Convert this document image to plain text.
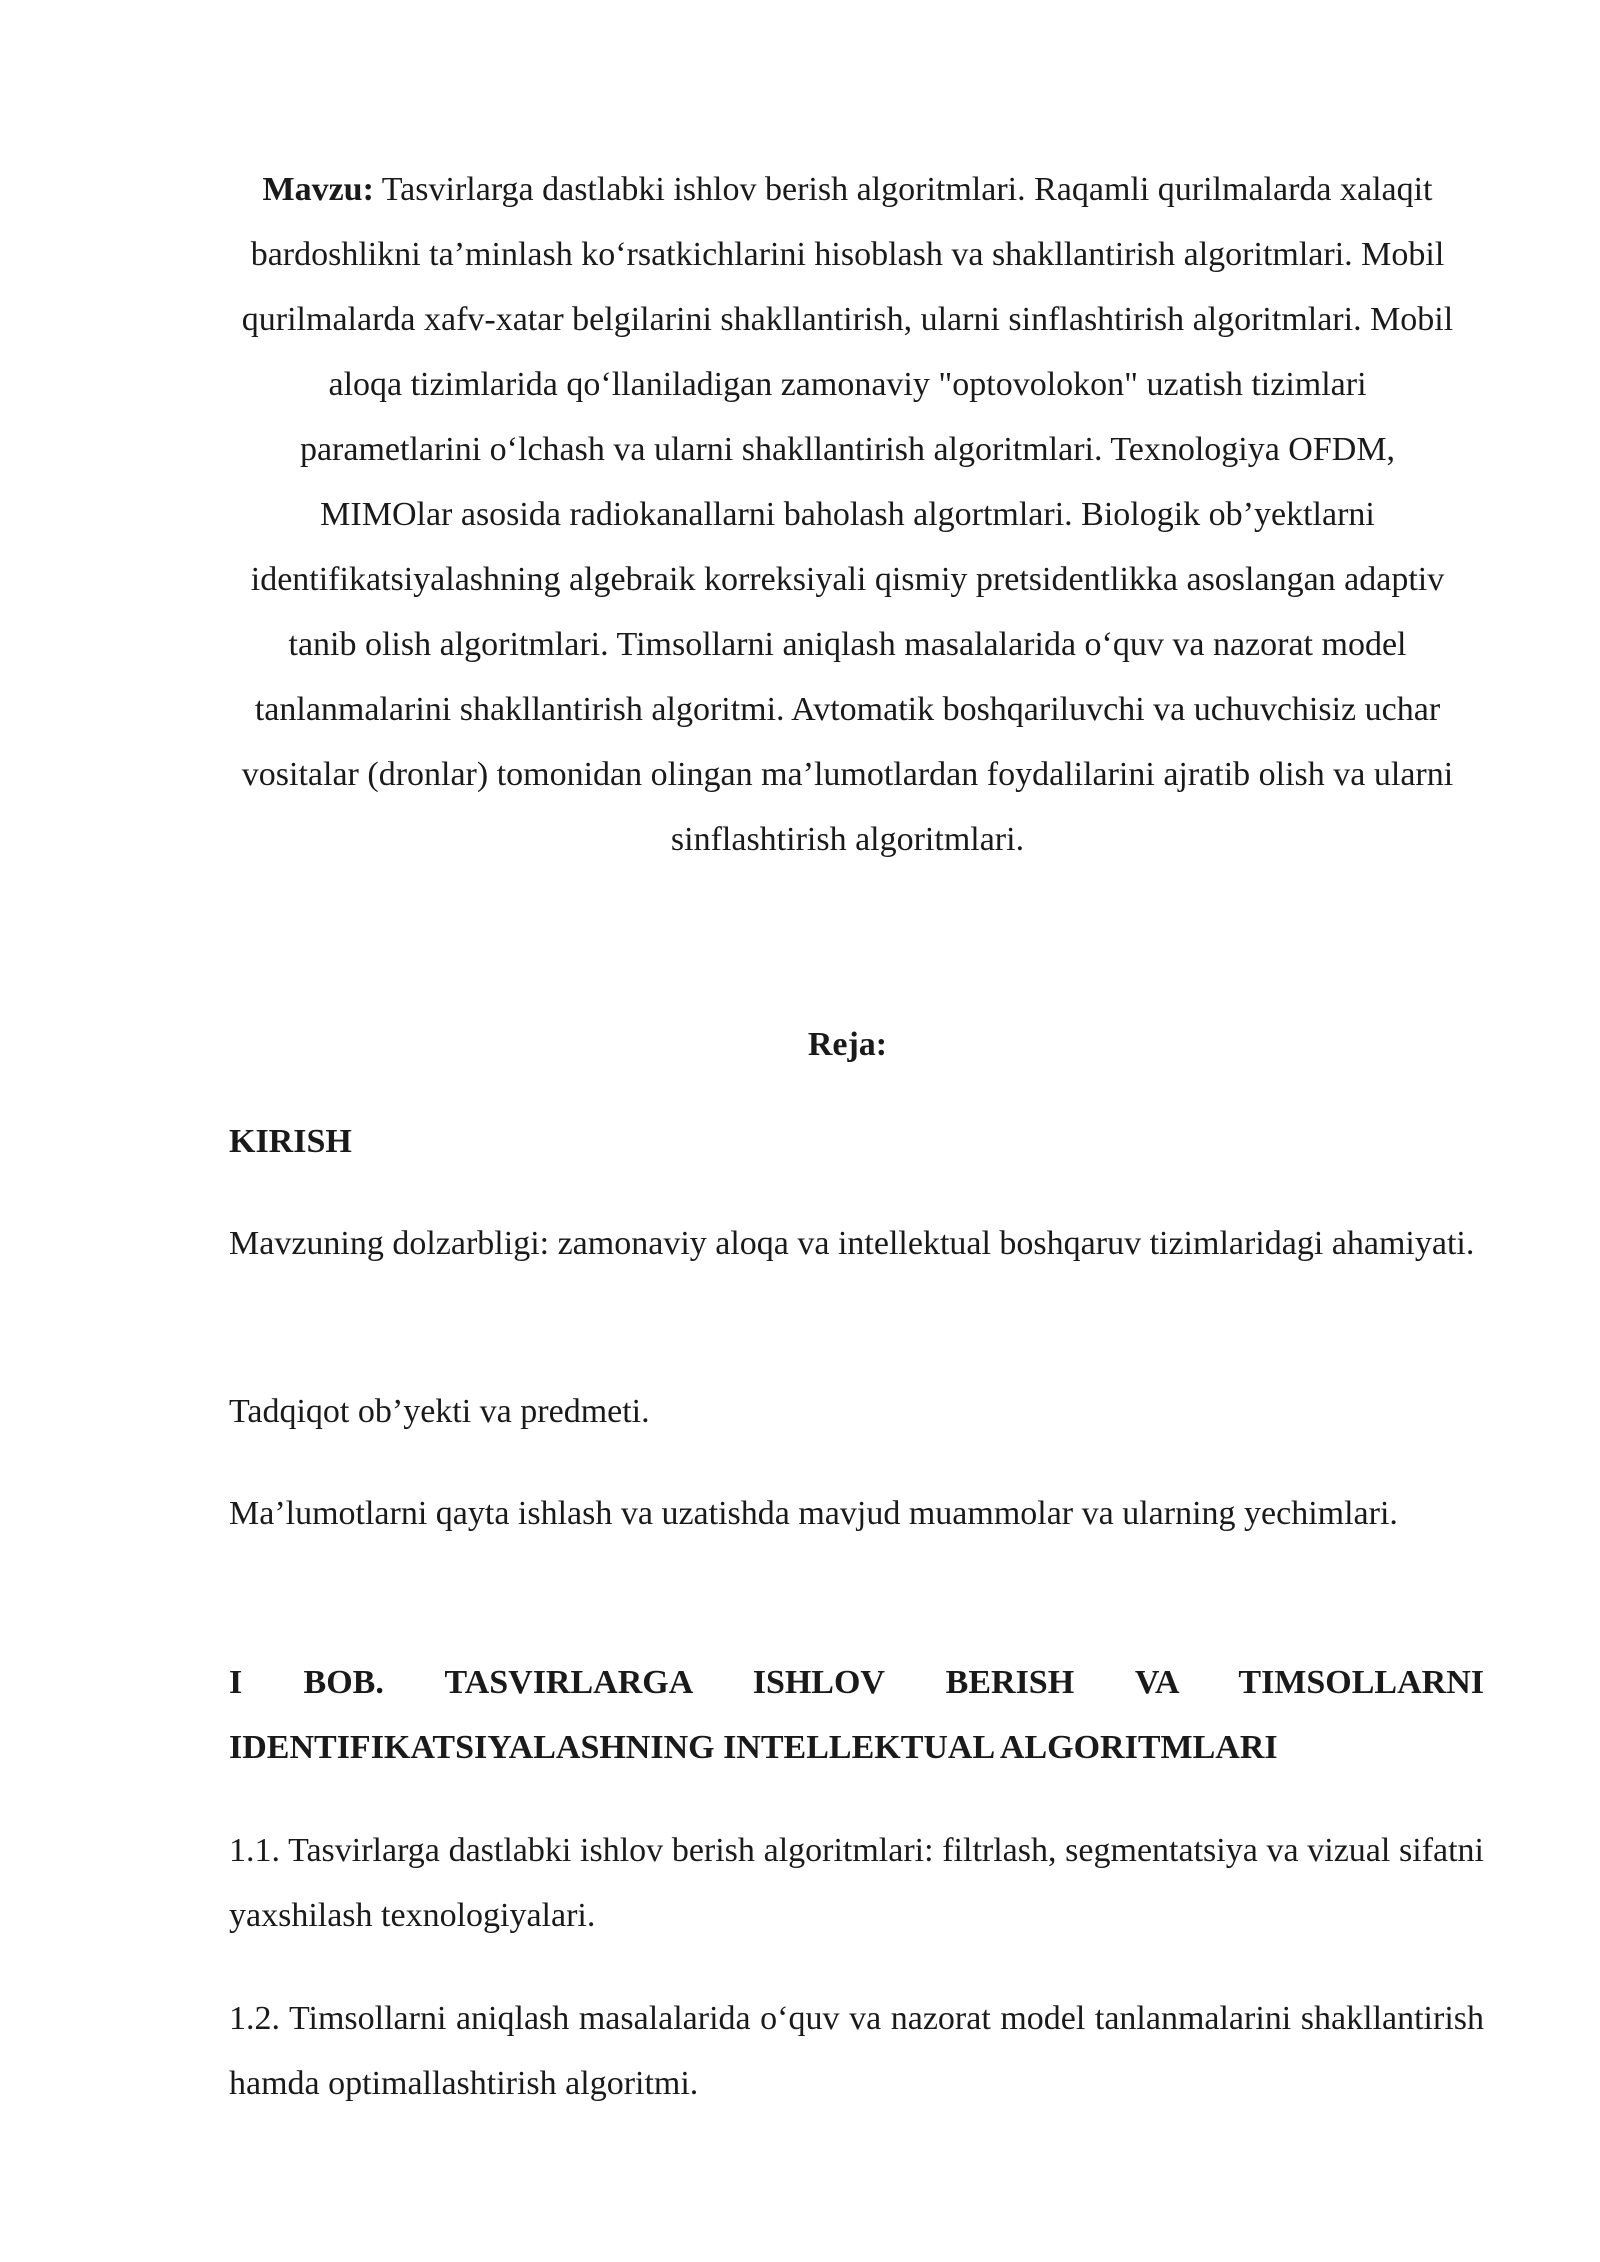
Mavzu: Tasvirlarga dastlabki ishlov berish algoritmlari. Raqamli qurilmalarda xalaqit bardoshlikni ta’minlash ko‘rsatkichlarini hisoblash va shakllantirish algoritmlari. Mobil qurilmalarda xafv-xatar belgilarini shakllantirish, ularni sinflashtirish algoritmlari. Mobil aloqa tizimlarida qo‘llaniladigan zamonaviy "optovolokon" uzatish tizimlari parametlarini o‘lchash va ularni shakllantirish algoritmlari. Texnologiya OFDM, MIMOlar asosida radiokanallarni baholash algortmlari. Biologik ob’yektlarni identifikatsiyalashning algebraik korreksiyali qismiy pretsidentlikka asoslangan adaptiv tanib olish algoritmlari. Timsollarni aniqlash masalalarida o‘quv va nazorat model tanlanmalarini shakllantirish algoritmi. Avtomatik boshqariluvchi va uchuvchisiz uchar vositalar (dronlar) tomonidan olingan ma’lumotlardan foydalilarini ajratib olish va ularni sinflashtirish algoritmlari.

Reja:
KIRISH
Mavzuning dolzarbligi: zamonaviy aloqa va intellektual boshqaruv tizimlaridagi ahamiyati.
Tadqiqot ob’yekti va predmeti.
Ma’lumotlarni qayta ishlash va uzatishda mavjud muammolar va ularning yechimlari.
I BOB. TASVIRLARGA ISHLOV BERISH VA TIMSOLLARNI IDENTIFIKATSIYALASHNING INTELLEKTUAL ALGORITMLARI
1.1. Tasvirlarga dastlabki ishlov berish algoritmlari: filtrlash, segmentatsiya va vizual sifatni yaxshilash texnologiyalari.
1.2. Timsollarni aniqlash masalalarida o‘quv va nazorat model tanlanmalarini shakllantirish hamda optimallashtirish algoritmi.
